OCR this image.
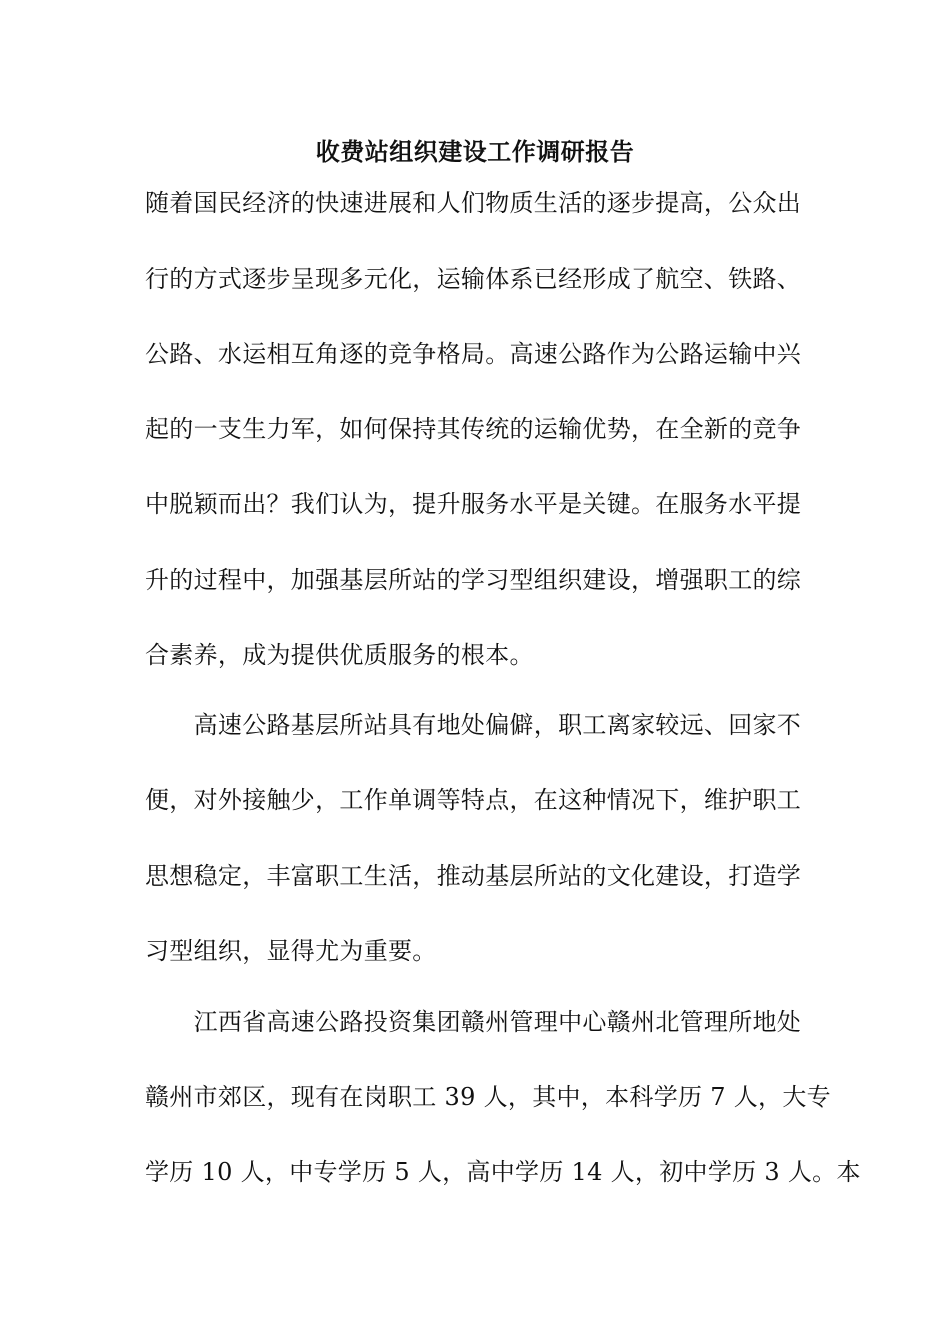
收费站组织建设工作调研报告
随着国民经济的快速进展和人们物质生活的逐步提高，公众出
行的方式逐步呈现多元化，运输体系已经形成了航空、铁路、
公路、水运相互角逐的竞争格局。高速公路作为公路运输中兴
起的一支生力军，如何保持其传统的运输优势，在全新的竞争
中脱颖而出？我们认为，提升服务水平是关键。在服务水平提
升的过程中，加强基层所站的学习型组织建设，增强职工的综
合素养，成为提供优质服务的根本。
　　高速公路基层所站具有地处偏僻，职工离家较远、回家不
便，对外接触少，工作单调等特点，在这种情况下，维护职工
思想稳定，丰富职工生活，推动基层所站的文化建设，打造学
习型组织，显得尤为重要。
　　江西省高速公路投资集团赣州管理中心赣州北管理所地处
赣州市郊区，现有在岗职工 39 人，其中，本科学历 7 人，大专
学历 10 人，中专学历 5 人，高中学历 14 人，初中学历 3 人。本
